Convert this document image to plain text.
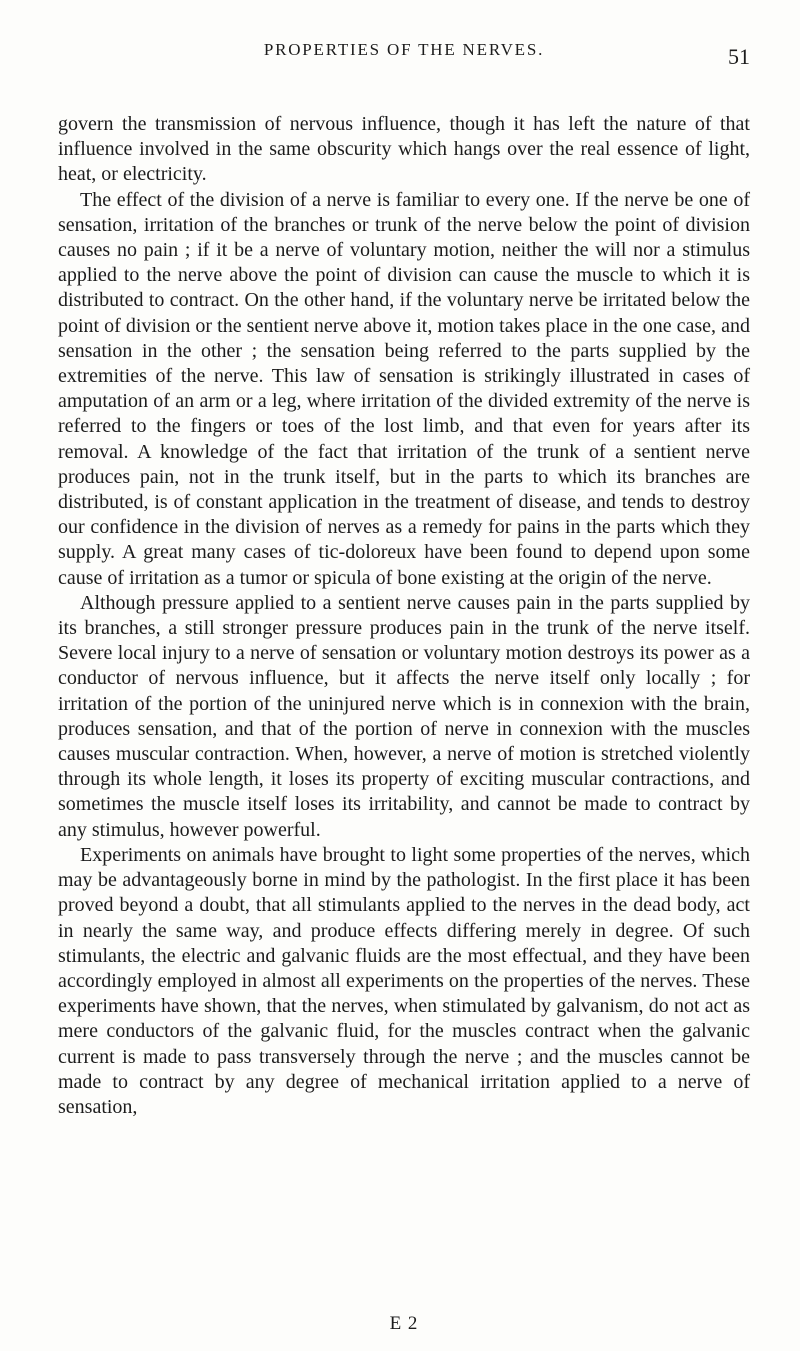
PROPERTIES OF THE NERVES.	51

govern the transmission of nervous influence, though it has left the nature of that influence involved in the same obscurity which hangs over the real essence of light, heat, or electricity.

The effect of the division of a nerve is familiar to every one. If the nerve be one of sensation, irritation of the branches or trunk of the nerve below the point of division causes no pain ; if it be a nerve of voluntary motion, neither the will nor a stimulus applied to the nerve above the point of division can cause the muscle to which it is distributed to contract. On the other hand, if the voluntary nerve be irritated below the point of division or the sentient nerve above it, motion takes place in the one case, and sensation in the other ; the sensation being referred to the parts supplied by the extremities of the nerve. This law of sensation is strikingly illustrated in cases of amputation of an arm or a leg, where irritation of the divided extremity of the nerve is referred to the fingers or toes of the lost limb, and that even for years after its removal. A knowledge of the fact that irritation of the trunk of a sentient nerve produces pain, not in the trunk itself, but in the parts to which its branches are distributed, is of constant application in the treatment of disease, and tends to destroy our confidence in the division of nerves as a remedy for pains in the parts which they supply. A great many cases of tic-doloreux have been found to depend upon some cause of irritation as a tumor or spicula of bone existing at the origin of the nerve.

Although pressure applied to a sentient nerve causes pain in the parts supplied by its branches, a still stronger pressure produces pain in the trunk of the nerve itself. Severe local injury to a nerve of sensation or voluntary motion destroys its power as a conductor of nervous influence, but it affects the nerve itself only locally ; for irritation of the portion of the uninjured nerve which is in connexion with the brain, produces sensation, and that of the portion of nerve in connexion with the muscles causes muscular contraction. When, however, a nerve of motion is stretched violently through its whole length, it loses its property of exciting muscular contractions, and sometimes the muscle itself loses its irritability, and cannot be made to contract by any stimulus, however powerful.

Experiments on animals have brought to light some properties of the nerves, which may be advantageously borne in mind by the pathologist. In the first place it has been proved beyond a doubt, that all stimulants applied to the nerves in the dead body, act in nearly the same way, and produce effects differing merely in degree. Of such stimulants, the electric and galvanic fluids are the most effectual, and they have been accordingly employed in almost all experiments on the properties of the nerves. These experiments have shown, that the nerves, when stimulated by galvanism, do not act as mere conductors of the galvanic fluid, for the muscles contract when the galvanic current is made to pass transversely through the nerve ; and the muscles cannot be made to contract by any degree of mechanical irritation applied to a nerve of sensation,

E 2
